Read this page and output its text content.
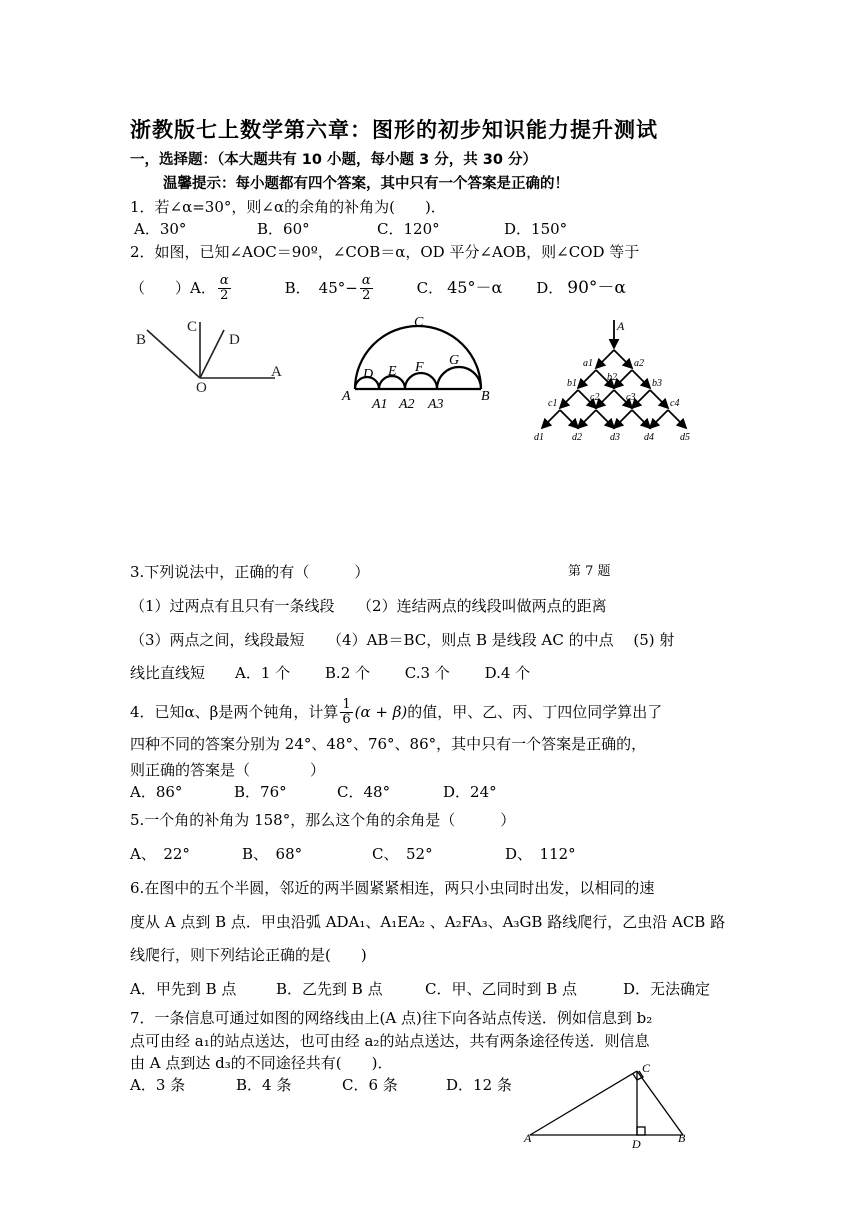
浙教版七上数学第六章：图形的初步知识能力提升测试
一，选择题：（本大题共有 10 小题，每小题 3 分，共 30 分）
温馨提示：每小题都有四个答案，其中只有一个答案是正确的！
1．若∠α=30°，则∠α的余角的补角为(　　)．
A．30°	B．60°	C．120°	D．150°
2．如图，已知∠AOC＝90º，∠COB＝α，OD 平分∠AOB，则∠COD 等于
（　　） A． $\frac{\alpha}{2}$	B． $45^\circ- \frac{\alpha}{2}$	C． 45°－α D． 90°－α
B
C
D
O
A
C
D E F G
A	B
A1 A2 A3
A
a1	a2
b1
b2
b3
c1
c2	c3
c4
d1	d2	d3 d4	d5
3.下列说法中，正确的有（　　　）	第 7 题
（1）过两点有且只有一条线段　　（2）连结两点的线段叫做两点的距离
（3）两点之间，线段最短　　（4）AB＝BC，则点 B 是线段 AC 的中点　 (5) 射
线比直线短　　A．1 个　　 B.2 个　　 C.3 个　　 D.4 个
4．已知α、β是两个钝角，计算 $\frac{1}{6} (\alpha + \beta)$ 的值，甲、乙、丙、丁四位同学算出了
四种不同的答案分别为 24°、48°、76°、86°，其中只有一个答案是正确的，
则正确的答案是（　　　　）
A．86°	B．76°	C．48°	D．24°
5.一个角的补角为 158°，那么这个角的余角是（　　　）
A、　22°	B、　68°	C、　52°	D、　112°
6.在图中的五个半圆，邻近的两半圆紧紧相连，两只小虫同时出发，以相同的速
度从 A 点到 B 点．甲虫沿弧 ADA₁、A₁EA₂ 、A₂FA₃、A₃GB 路线爬行，乙虫沿 ACB 路
线爬行，则下列结论正确的是(　　)
A．甲先到 B 点	B．乙先到 B 点	C．甲、乙同时到 B 点	D．无法确定
7．一条信息可通过如图的网络线由上(A 点)往下向各站点传送．例如信息到 b₂
点可由经 a₁的站点送达，也可由经 a₂的站点送达，共有两条途径传送．则信息
由 A 点到达 d₃的不同途径共有(　　)．
A．3 条	B．4 条	C．6 条	D．12 条
C
A	D	B
